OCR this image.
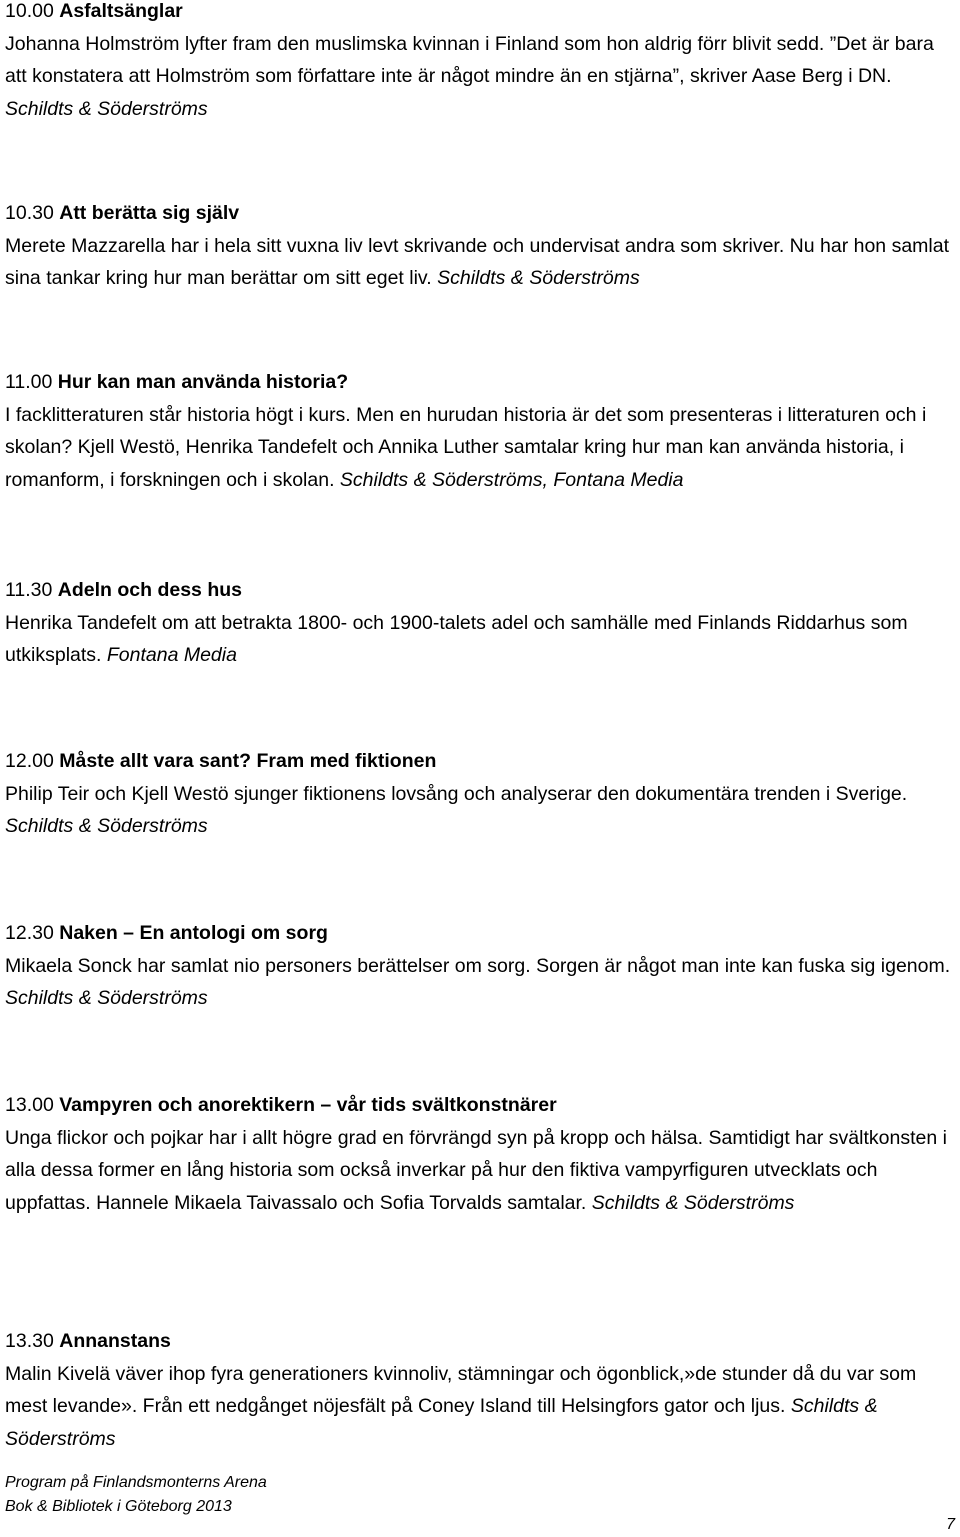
10.00 Asfaltsänglar

Johanna Holmström lyfter fram den muslimska kvinnan i Finland som hon aldrig förr blivit sedd. ”Det är bara att konstatera att Holmström som författare inte är något mindre än en stjärna”, skriver Aase Berg i DN. Schildts & Söderströms

10.30 Att berätta sig själv

Merete Mazzarella har i hela sitt vuxna liv levt skrivande och undervisat andra som skriver. Nu har hon samlat sina tankar kring hur man berättar om sitt eget liv. Schildts & Söderströms

11.00 Hur kan man använda historia?

I facklitteraturen står historia högt i kurs. Men en hurudan historia är det som presenteras i litteraturen och i skolan? Kjell Westö, Henrika Tandefelt och Annika Luther samtalar kring hur man kan använda historia, i romanform, i forskningen och i skolan. Schildts & Söderströms, Fontana Media

11.30 Adeln och dess hus

Henrika Tandefelt om att betrakta 1800- och 1900-talets adel och samhälle med Finlands Riddarhus som utkiksplats. Fontana Media

12.00 Måste allt vara sant? Fram med fiktionen

Philip Teir och Kjell Westö sjunger fiktionens lovsång och analyserar den dokumentära trenden i Sverige. Schildts & Söderströms

12.30 Naken – En antologi om sorg

Mikaela Sonck har samlat nio personers berättelser om sorg. Sorgen är något man inte kan fuska sig igenom. Schildts & Söderströms

13.00 Vampyren och anorektikern – vår tids svältkonstnärer

Unga flickor och pojkar har i allt högre grad en förvrängd syn på kropp och hälsa. Samtidigt har svältkonsten i alla dessa former en lång historia som också inverkar på hur den fiktiva vampyrfiguren utvecklats och uppfattas. Hannele Mikaela Taivassalo och Sofia Torvalds samtalar. Schildts & Söderströms

13.30 Annanstans

Malin Kivelä väver ihop fyra generationers kvinnoliv, stämningar och ögonblick,»de stunder då du var som mest levande». Från ett nedgånget nöjesfält på Coney Island till Helsingfors gator och ljus. Schildts & Söderströms

Program på Finlandsmonterns Arena
Bok & Bibliotek i Göteborg 2013
7
